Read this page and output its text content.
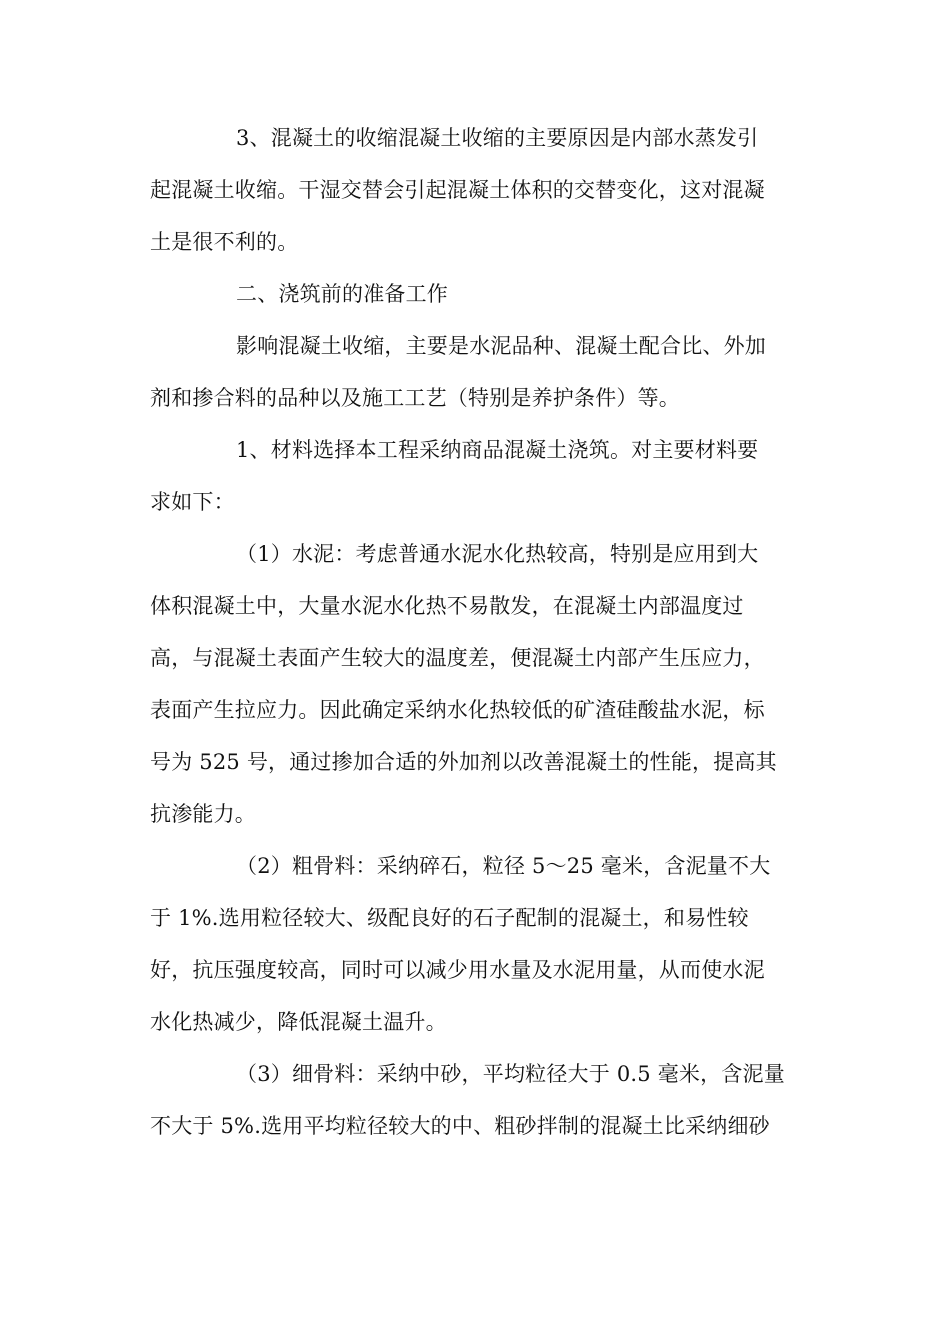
3、混凝土的收缩混凝土收缩的主要原因是内部水蒸发引
起混凝土收缩。干湿交替会引起混凝土体积的交替变化，这对混凝
土是很不利的。
二、浇筑前的准备工作
影响混凝土收缩，主要是水泥品种、混凝土配合比、外加
剂和掺合料的品种以及施工工艺（特别是养护条件）等。
1、材料选择本工程采纳商品混凝土浇筑。对主要材料要
求如下：
（1）水泥：考虑普通水泥水化热较高，特别是应用到大
体积混凝土中，大量水泥水化热不易散发，在混凝土内部温度过
高，与混凝土表面产生较大的温度差，便混凝土内部产生压应力，
表面产生拉应力。因此确定采纳水化热较低的矿渣硅酸盐水泥，标
号为 525 号，通过掺加合适的外加剂以改善混凝土的性能，提高其
抗渗能力。
（2）粗骨料：采纳碎石，粒径 5～25 毫米，含泥量不大
于 1%.选用粒径较大、级配良好的石子配制的混凝土，和易性较
好，抗压强度较高，同时可以减少用水量及水泥用量，从而使水泥
水化热减少，降低混凝土温升。
（3）细骨料：采纳中砂，平均粒径大于 0.5 毫米，含泥量
不大于 5%.选用平均粒径较大的中、粗砂拌制的混凝土比采纳细砂
